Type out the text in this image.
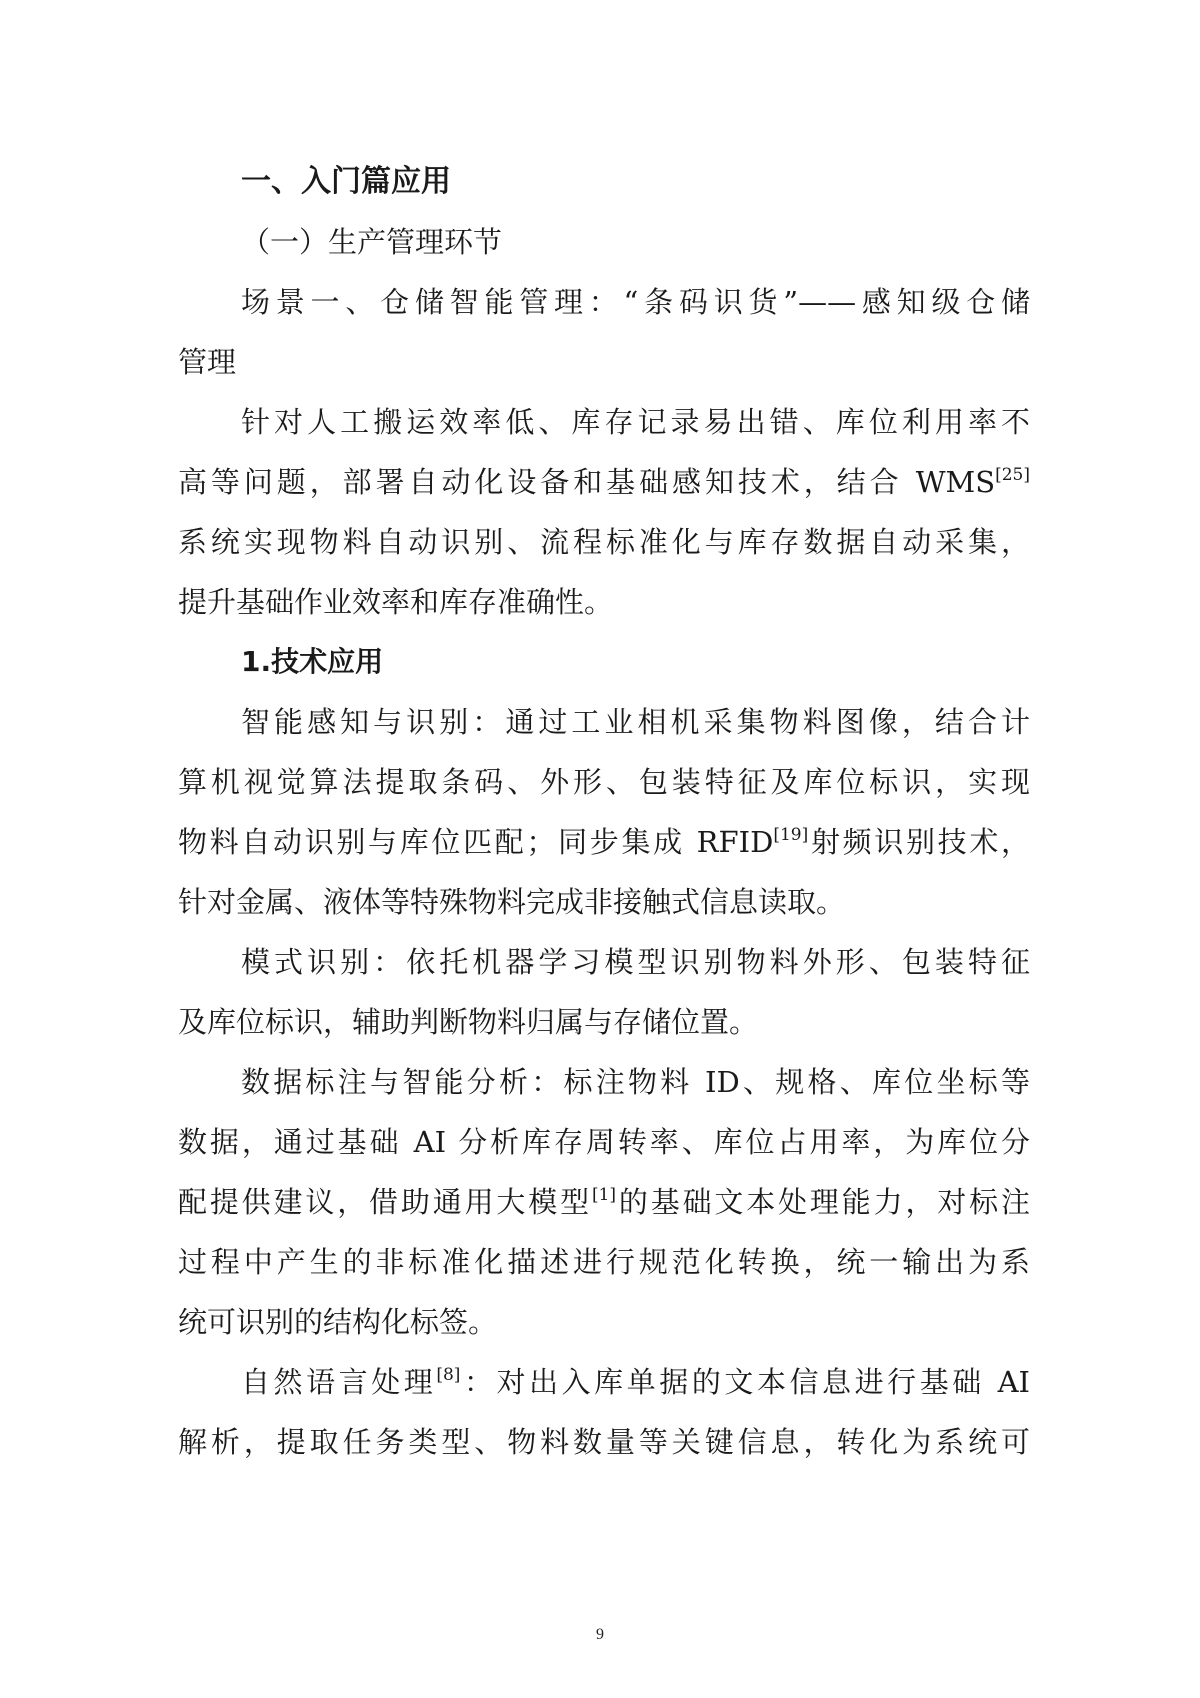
一、入门篇应用
（一）生产管理环节
场景一、仓储智能管理：“条码识货”——感知级仓储
管理
针对人工搬运效率低、库存记录易出错、库位利用率不
高等问题，部署自动化设备和基础感知技术，结合 WMS[25]
系统实现物料自动识别、流程标准化与库存数据自动采集，
提升基础作业效率和库存准确性。
1.技术应用
智能感知与识别：通过工业相机采集物料图像，结合计
算机视觉算法提取条码、外形、包装特征及库位标识，实现
物料自动识别与库位匹配；同步集成 RFID[19]射频识别技术，
针对金属、液体等特殊物料完成非接触式信息读取。
模式识别：依托机器学习模型识别物料外形、包装特征
及库位标识，辅助判断物料归属与存储位置。
数据标注与智能分析：标注物料 ID、规格、库位坐标等
数据，通过基础 AI 分析库存周转率、库位占用率，为库位分
配提供建议，借助通用大模型[1]的基础文本处理能力，对标注
过程中产生的非标准化描述进行规范化转换，统一输出为系
统可识别的结构化标签。
自然语言处理[8]：对出入库单据的文本信息进行基础 AI
解析，提取任务类型、物料数量等关键信息，转化为系统可
9
